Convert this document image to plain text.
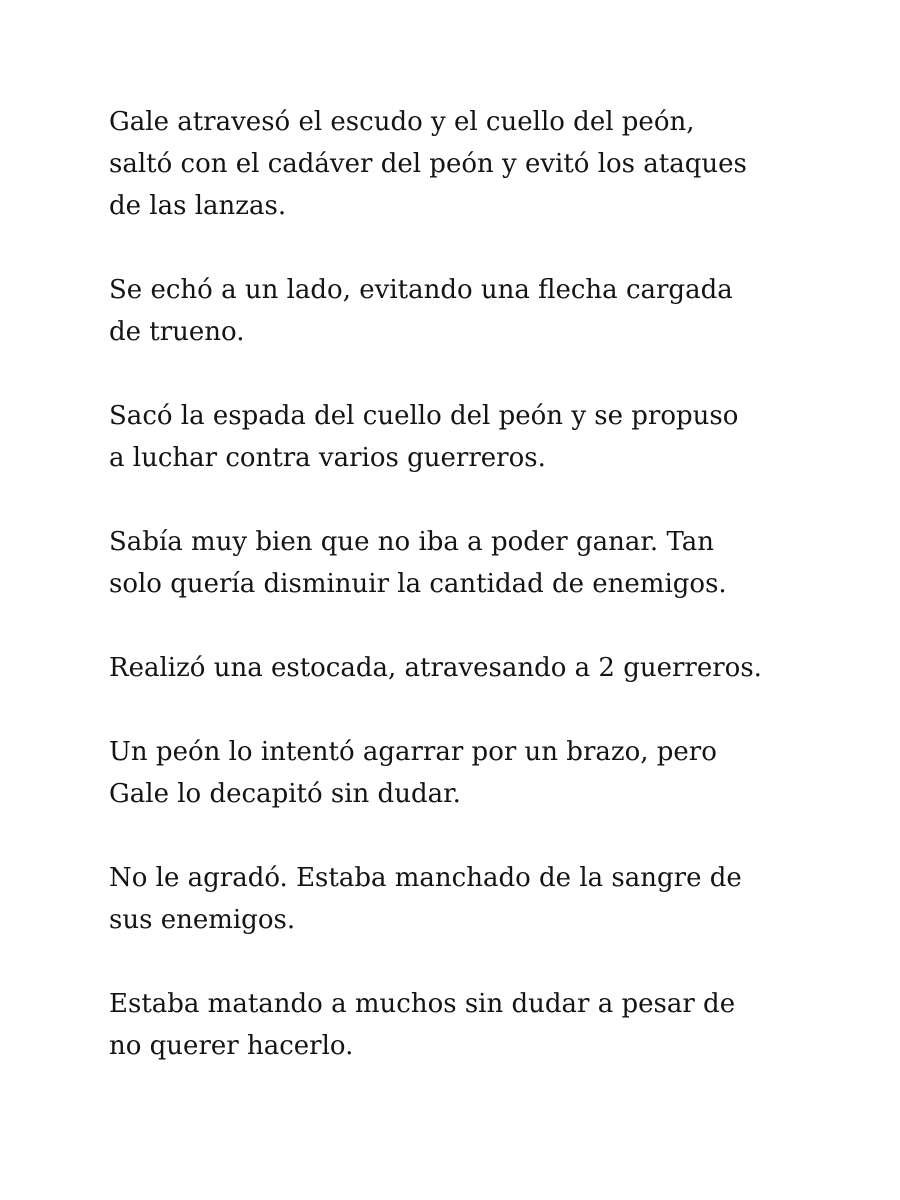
Gale atravesó el escudo y el cuello del peón,
saltó con el cadáver del peón y evitó los ataques
de las lanzas.

Se echó a un lado, evitando una flecha cargada
de trueno.

Sacó la espada del cuello del peón y se propuso
a luchar contra varios guerreros.

Sabía muy bien que no iba a poder ganar. Tan
solo quería disminuir la cantidad de enemigos.

Realizó una estocada, atravesando a 2 guerreros.

Un peón lo intentó agarrar por un brazo, pero
Gale lo decapitó sin dudar.

No le agradó. Estaba manchado de la sangre de
sus enemigos.

Estaba matando a muchos sin dudar a pesar de
no querer hacerlo.
